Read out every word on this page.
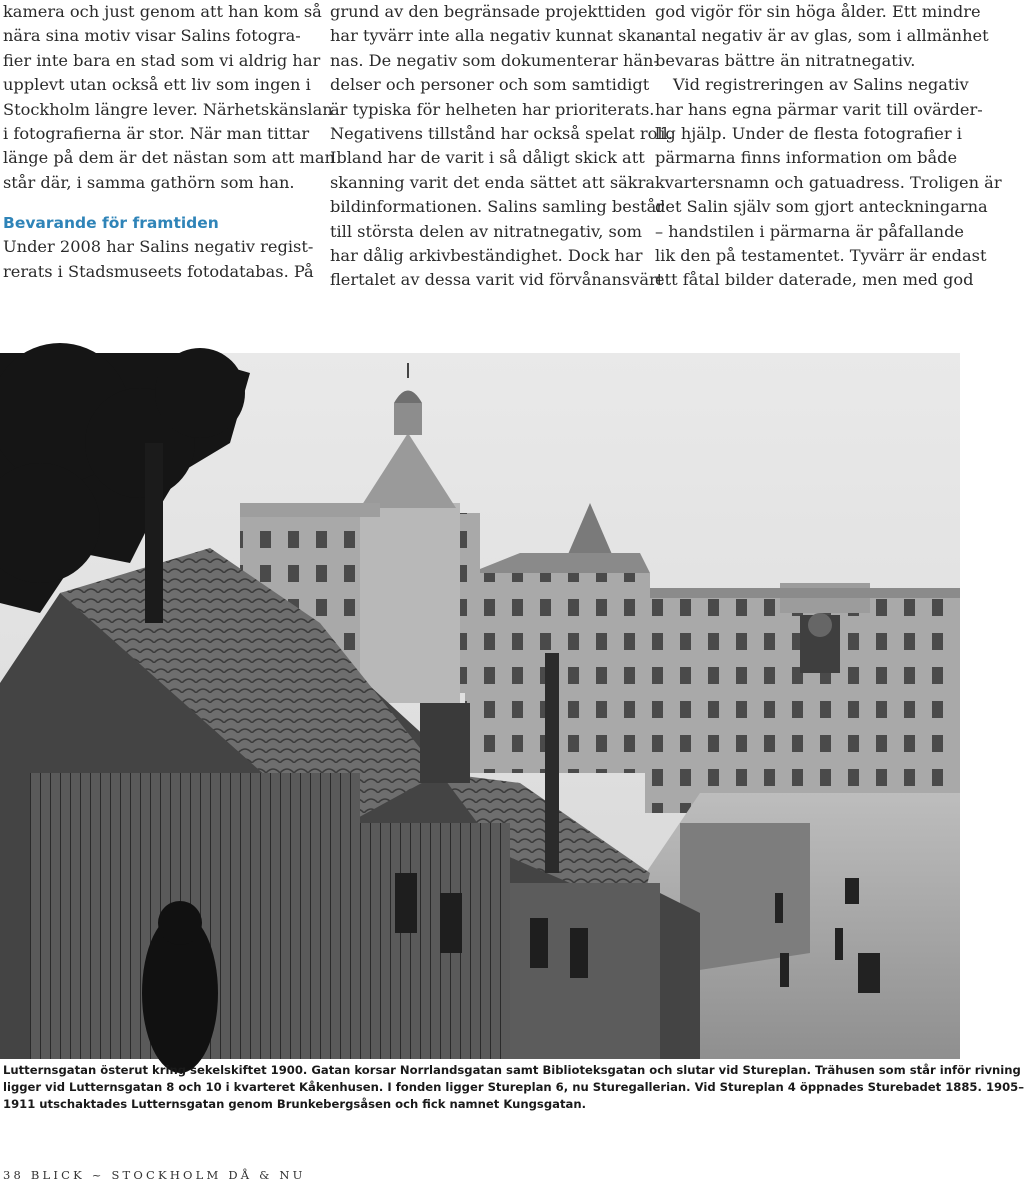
kamera och just genom att han kom så

nära sina motiv visar Salins fotogra-

fier inte bara en stad som vi aldrig har

upplevt utan också ett liv som ingen i

Stockholm längre lever. Närhetskänslan

i fotografierna är stor. När man tittar

länge på dem är det nästan som att man

står där, i samma gathörn som han.

Bevarande för framtiden

Under 2008 har Salins negativ regist-

rerats i Stadsmuseets fotodatabas. På

grund av den begränsade projekttiden

har tyvärr inte alla negativ kunnat skan-

nas. De negativ som dokumenterar hän-

delser och personer och som samtidigt

är typiska för helheten har prioriterats.

Negativens tillstånd har också spelat roll.

Ibland har de varit i så dåligt skick att

skanning varit det enda sättet att säkra

bildinformationen. Salins samling består

till största delen av nitratnegativ, som

har dålig arkivbeständighet. Dock har

flertalet av dessa varit vid förvånansvärt

god vigör för sin höga ålder. Ett mindre

antal negativ är av glas, som i allmänhet

bevaras bättre än nitratnegativ.

Vid registreringen av Salins negativ

har hans egna pärmar varit till ovärder-

lig hjälp. Under de flesta fotografier i

pärmarna finns information om både

kvartersnamn och gatuadress. Troligen är

det Salin själv som gjort anteckningarna

– handstilen i pärmarna är påfallande

lik den på testamentet. Tyvärr är endast

ett fåtal bilder daterade, men med god

Lutternsgatan österut kring sekelskiftet 1900. Gatan korsar Norrlandsgatan samt Biblioteksgatan och slutar vid Stureplan. Trähusen som står inför rivning

ligger vid Lutternsgatan 8 och 10 i kvarteret Kåkenhusen. I fonden ligger Stureplan 6, nu Sturegallerian. Vid Stureplan 4 öppnades Sturebadet 1885. 1905–

1911 utschaktades Lutternsgatan genom Brunkebergsåsen och fick namnet Kungsgatan.

38 BLICK ~ STOCKHOLM DÅ & NU
